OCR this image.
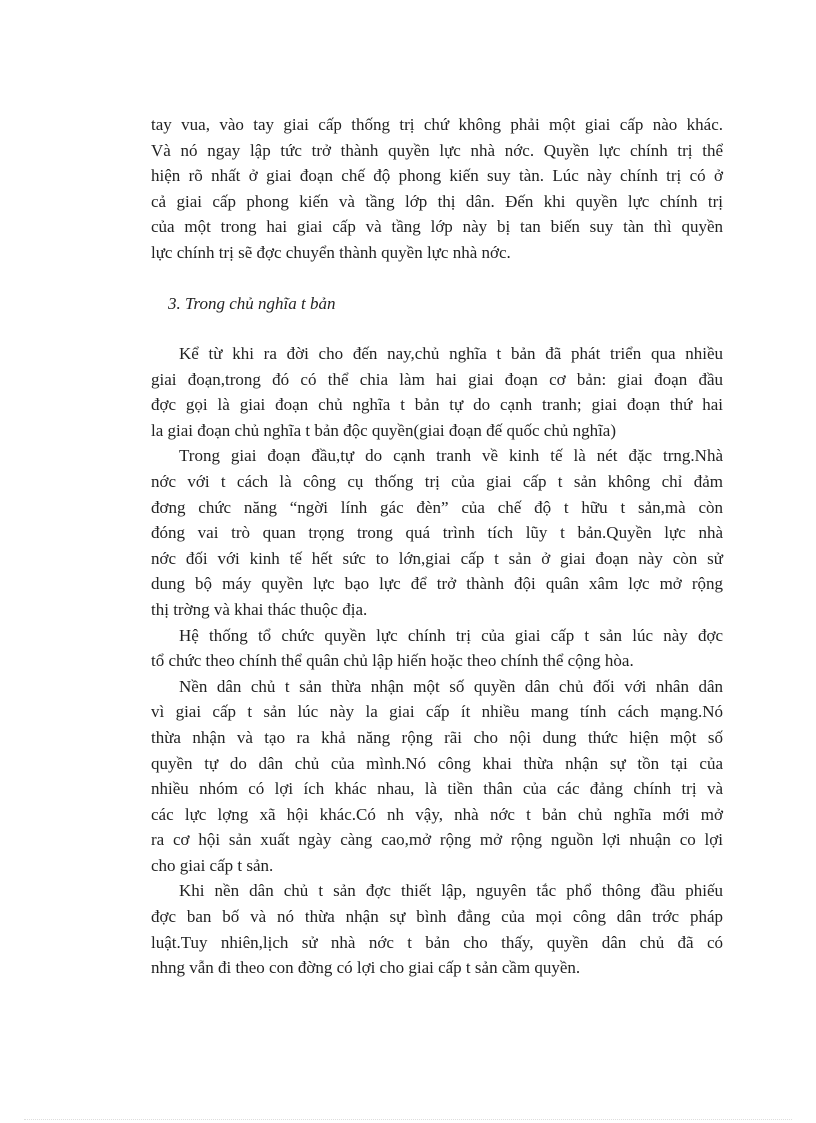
tay vua, vào tay giai cấp thống trị chứ không phải một giai cấp nào khác.
Và nó ngay lập tức trở thành quyền lực nhà nớc. Quyền lực chính trị thể
hiện rõ nhất ở giai đoạn chế độ phong kiến suy tàn. Lúc này chính trị có ở
cả giai cấp phong kiến và tầng lớp thị dân. Đến khi quyền lực chính trị
của một trong hai giai cấp và tầng lớp này bị tan biến suy tàn thì quyền
lực chính trị sẽ đợc chuyển thành quyền lực nhà nớc.
3. Trong chủ nghĩa t bản
Kể từ khi ra đời cho đến nay,chủ nghĩa t bản đã phát triển qua nhiều
giai đoạn,trong đó có thể chia làm hai giai đoạn cơ bản: giai đoạn đầu
đợc gọi là giai đoạn chủ nghĩa t bản tự do cạnh tranh; giai đoạn thứ hai
la giai đoạn chủ nghĩa t bản độc quyền(giai đoạn đế quốc chủ nghĩa)
Trong giai đoạn đầu,tự do cạnh tranh về kinh tế là nét đặc trng.Nhà
nớc với t cách là công cụ thống trị của giai cấp t sản không chỉ đảm
đơng chức năng “ngời lính gác đèn” của chế độ t hữu t sản,mà còn
đóng vai trò quan trọng trong quá trình tích lũy t bản.Quyền lực nhà
nớc đối với kinh tế hết sức to lớn,giai cấp t sản ở giai đoạn này còn sử
dung bộ máy quyền lực bạo lực để trở thành đội quân xâm lợc mở rộng
thị trờng và khai thác thuộc địa.
Hệ thống tổ chức quyền lực chính trị của giai cấp t sản lúc này đợc
tổ chức theo chính thể quân chủ lập hiến hoặc theo chính thể cộng hòa.
Nền dân chủ t sản thừa nhận một số quyền dân chủ đối với nhân dân
vì giai cấp t sản lúc này la giai cấp ít nhiều mang tính cách mạng.Nó
thừa nhận và tạo ra khả năng rộng rãi cho nội dung thức hiện một số
quyền tự do dân chủ của mình.Nó công khai thừa nhận sự tồn tại của
nhiều nhóm có lợi ích khác nhau, là tiền thân của các đảng chính trị và
các lực lợng xã hội khác.Có nh vậy, nhà nớc t bản chủ nghĩa mới mở
ra cơ hội sản xuất ngày càng cao,mở rộng mở rộng nguồn lợi nhuận co lợi
cho giai cấp t sản.
Khi nền dân chủ t sản đợc thiết lập, nguyên tắc phổ thông đầu phiếu
đợc ban bố và nó thừa nhận sự bình đẳng của mọi công dân trớc pháp
luật.Tuy nhiên,lịch sử nhà nớc t bản cho thấy, quyền dân chủ đã có
nhng vẫn đi theo con đờng có lợi cho giai cấp t sản cầm quyền.
